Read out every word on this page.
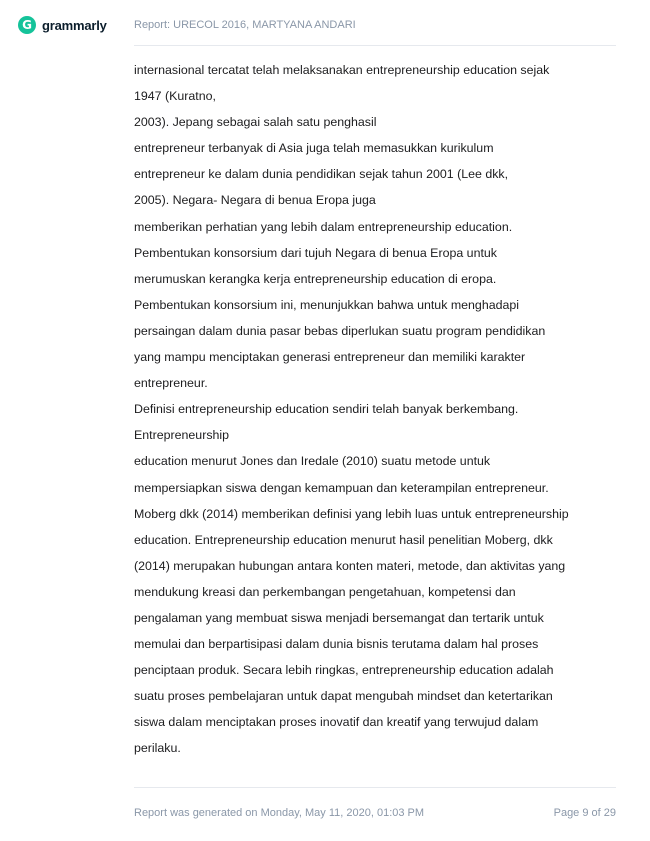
G grammarly Report: URECOL 2016, MARTYANA ANDARI
internasional tercatat telah melaksanakan entrepreneurship education sejak
1947 (Kuratno,
2003). Jepang sebagai salah satu penghasil
entrepreneur terbanyak di Asia juga telah memasukkan kurikulum
entrepreneur ke dalam dunia pendidikan sejak tahun 2001 (Lee dkk,
2005). Negara- Negara di benua Eropa juga
memberikan perhatian yang lebih dalam entrepreneurship education.
Pembentukan konsorsium dari tujuh Negara di benua Eropa untuk
merumuskan kerangka kerja entrepreneurship education di eropa.
Pembentukan konsorsium ini, menunjukkan bahwa untuk menghadapi
persaingan dalam dunia pasar bebas diperlukan suatu program pendidikan
yang mampu menciptakan generasi entrepreneur dan memiliki karakter
entrepreneur.
Definisi entrepreneurship education sendiri telah banyak berkembang.
Entrepreneurship
education menurut Jones dan Iredale (2010) suatu metode untuk
mempersiapkan siswa dengan kemampuan dan keterampilan entrepreneur.
Moberg dkk (2014) memberikan definisi yang lebih luas untuk entrepreneurship
education. Entrepreneurship education menurut hasil penelitian Moberg, dkk
(2014) merupakan hubungan antara konten materi, metode, dan aktivitas yang
mendukung kreasi dan perkembangan pengetahuan, kompetensi dan
pengalaman yang membuat siswa menjadi bersemangat dan tertarik untuk
memulai dan berpartisipasi dalam dunia bisnis terutama dalam hal proses
penciptaan produk. Secara lebih ringkas, entrepreneurship education adalah
suatu proses pembelajaran untuk dapat mengubah mindset dan ketertarikan
siswa dalam menciptakan proses inovatif dan kreatif yang terwujud dalam
perilaku.
Report was generated on Monday, May 11, 2020, 01:03 PM	Page 9 of 29
